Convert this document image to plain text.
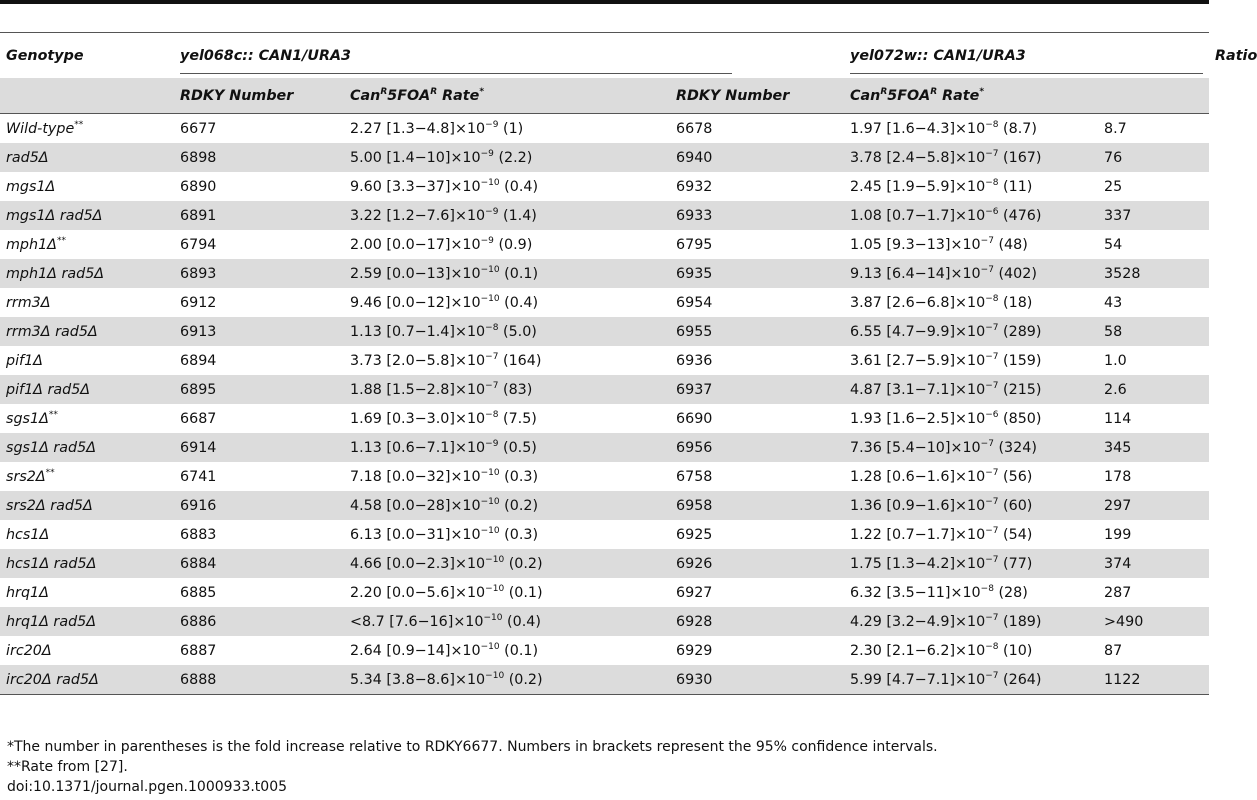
Genotype	yel068c:: CAN1/URA3			yel072w:: CAN1/URA3		Ratio
	RDKY Number	$Can^R5FOA^R$ Rate*	RDKY Number	$Can^R5FOA^R$ Rate*	
Wild-type**	6677	2.27 $[1.3-4.8]\times 10^{-9}$ (1)	6678	1.97 $[1.6-4.3]\times 10^{-8}$ (8.7)	8.7	
rad5Δ	6898	5.00 $[1.4-10]\times 10^{-9}$ (2.2)	6940	3.78 $[2.4-5.8]\times 10^{-7}$ (167)	76	
mgs1Δ	6890	9.60 $[3.3-37]\times 10^{-10}$ (0.4)	6932	2.45 $[1.9-5.9]\times 10^{-8}$ (11)	25	
mgs1Δ rad5Δ	6891	3.22 $[1.2-7.6]\times 10^{-9}$ (1.4)	6933	1.08 $[0.7-1.7]\times 10^{-6}$ (476)	337	
mph1Δ**	6794	2.00 $[0.0-17]\times 10^{-9}$ (0.9)	6795	1.05 $[9.3-13]\times 10^{-7}$ (48)	54	
mph1Δ rad5Δ	6893	2.59 $[0.0-13]\times 10^{-10}$ (0.1)	6935	9.13 $[6.4-14]\times 10^{-7}$ (402)	3528	
rrm3Δ	6912	9.46 $[0.0-12]\times 10^{-10}$ (0.4)	6954	3.87 $[2.6-6.8]\times 10^{-8}$ (18)	43	
rrm3Δ rad5Δ	6913	1.13 $[0.7-1.4]\times 10^{-8}$ (5.0)	6955	6.55 $[4.7-9.9]\times 10^{-7}$ (289)	58	
pif1Δ	6894	3.73 $[2.0-5.8]\times 10^{-7}$ (164)	6936	3.61 $[2.7-5.9]\times 10^{-7}$ (159)	1.0	
pif1Δ rad5Δ	6895	1.88 $[1.5-2.8]\times 10^{-7}$ (83)	6937	4.87 $[3.1-7.1]\times 10^{-7}$ (215)	2.6	
sgs1Δ**	6687	1.69 $[0.3-3.0]\times 10^{-8}$ (7.5)	6690	1.93 $[1.6-2.5]\times 10^{-6}$ (850)	114	
sgs1Δ rad5Δ	6914	1.13 $[0.6-7.1]\times 10^{-9}$ (0.5)	6956	7.36 $[5.4-10]\times 10^{-7}$ (324)	345	
srs2Δ**	6741	7.18 $[0.0-32]\times 10^{-10}$ (0.3)	6758	1.28 $[0.6-1.6]\times 10^{-7}$ (56)	178	
srs2Δ rad5Δ	6916	4.58 $[0.0-28]\times 10^{-10}$ (0.2)	6958	1.36 $[0.9-1.6]\times 10^{-7}$ (60)	297	
hcs1Δ	6883	6.13 $[0.0-31]\times 10^{-10}$ (0.3)	6925	1.22 $[0.7-1.7]\times 10^{-7}$ (54)	199	
hcs1Δ rad5Δ	6884	4.66 $[0.0-2.3]\times 10^{-10}$ (0.2)	6926	1.75 $[1.3-4.2]\times 10^{-7}$ (77)	374	
hrq1Δ	6885	2.20 $[0.0-5.6]\times 10^{-10}$ (0.1)	6927	6.32 $[3.5-11]\times 10^{-8}$ (28)	287	
hrq1Δ rad5Δ	6886	<8.7 $[7.6-16]\times 10^{-10}$ (0.4)	6928	4.29 $[3.2-4.9]\times 10^{-7}$ (189)	>490	
irc20Δ	6887	2.64 $[0.9-14]\times 10^{-10}$ (0.1)	6929	2.30 $[2.1-6.2]\times 10^{-8}$ (10)	87	
irc20Δ rad5Δ	6888	5.34 $[3.8-8.6]\times 10^{-10}$ (0.2)	6930	5.99 $[4.7-7.1]\times 10^{-7}$ (264)	1122	
*The number in parentheses is the fold increase relative to RDKY6677. Numbers in brackets represent the 95% confidence intervals.
**Rate from [27].
doi:10.1371/journal.pgen.1000933.t005
